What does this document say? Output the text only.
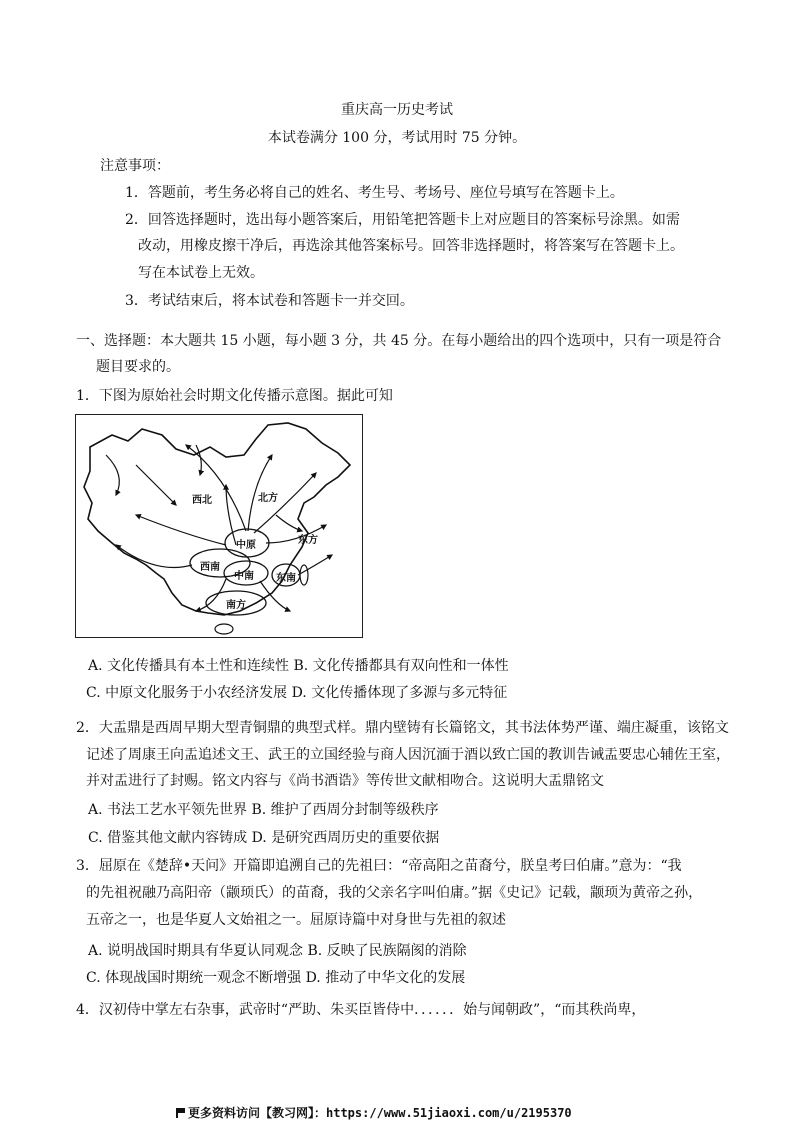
重庆高一历史考试
本试卷满分 100 分，考试用时 75 分钟。
注意事项：
1．答题前，考生务必将自己的姓名、考生号、考场号、座位号填写在答题卡上。
2．回答选择题时，选出每小题答案后，用铅笔把答题卡上对应题目的答案标号涂黑。如需
改动，用橡皮擦干净后，再选涂其他答案标号。回答非选择题时，将答案写在答题卡上。
写在本试卷上无效。
3．考试结束后，将本试卷和答题卡一并交回。
一、选择题：本大题共 15 小题，每小题 3 分，共 45 分。在每小题给出的四个选项中，只有一项是符合
题目要求的。
1．下图为原始社会时期文化传播示意图。据此可知
西北	北方
中原	东方
西南
中南 东南
南方
A. 文化传播具有本土性和连续性 B. 文化传播都具有双向性和一体性
C. 中原文化服务于小农经济发展 D. 文化传播体现了多源与多元特征
2．大盂鼎是西周早期大型青铜鼎的典型式样。鼎内壁铸有长篇铭文，其书法体势严谨、端庄凝重，该铭文
记述了周康王向盂追述文王、武王的立国经验与商人因沉湎于酒以致亡国的教训告诫盂要忠心辅佐王室，
并对盂进行了封赐。铭文内容与《尚书酒诰》等传世文献相吻合。这说明大盂鼎铭文
A. 书法工艺水平领先世界 B. 维护了西周分封制等级秩序
C. 借鉴其他文献内容铸成 D. 是研究西周历史的重要依据
3．屈原在《楚辞•天问》开篇即追溯自己的先祖曰：“帝高阳之苗裔兮，朕皇考曰伯庸。”意为：“我
的先祖祝融乃高阳帝（颛顼氏）的苗裔，我的父亲名字叫伯庸。”据《史记》记载，颛顼为黄帝之孙，
五帝之一，也是华夏人文始祖之一。屈原诗篇中对身世与先祖的叙述
A. 说明战国时期具有华夏认同观念 B. 反映了民族隔阂的消除
C. 体现战国时期统一观念不断增强 D. 推动了中华文化的发展
4．汉初侍中掌左右杂事，武帝时“严助、朱买臣皆侍中．．．．．．始与闻朝政”，“而其秩尚卑，
更多资料访问【教习网】：https://www.51jiaoxi.com/u/2195370
